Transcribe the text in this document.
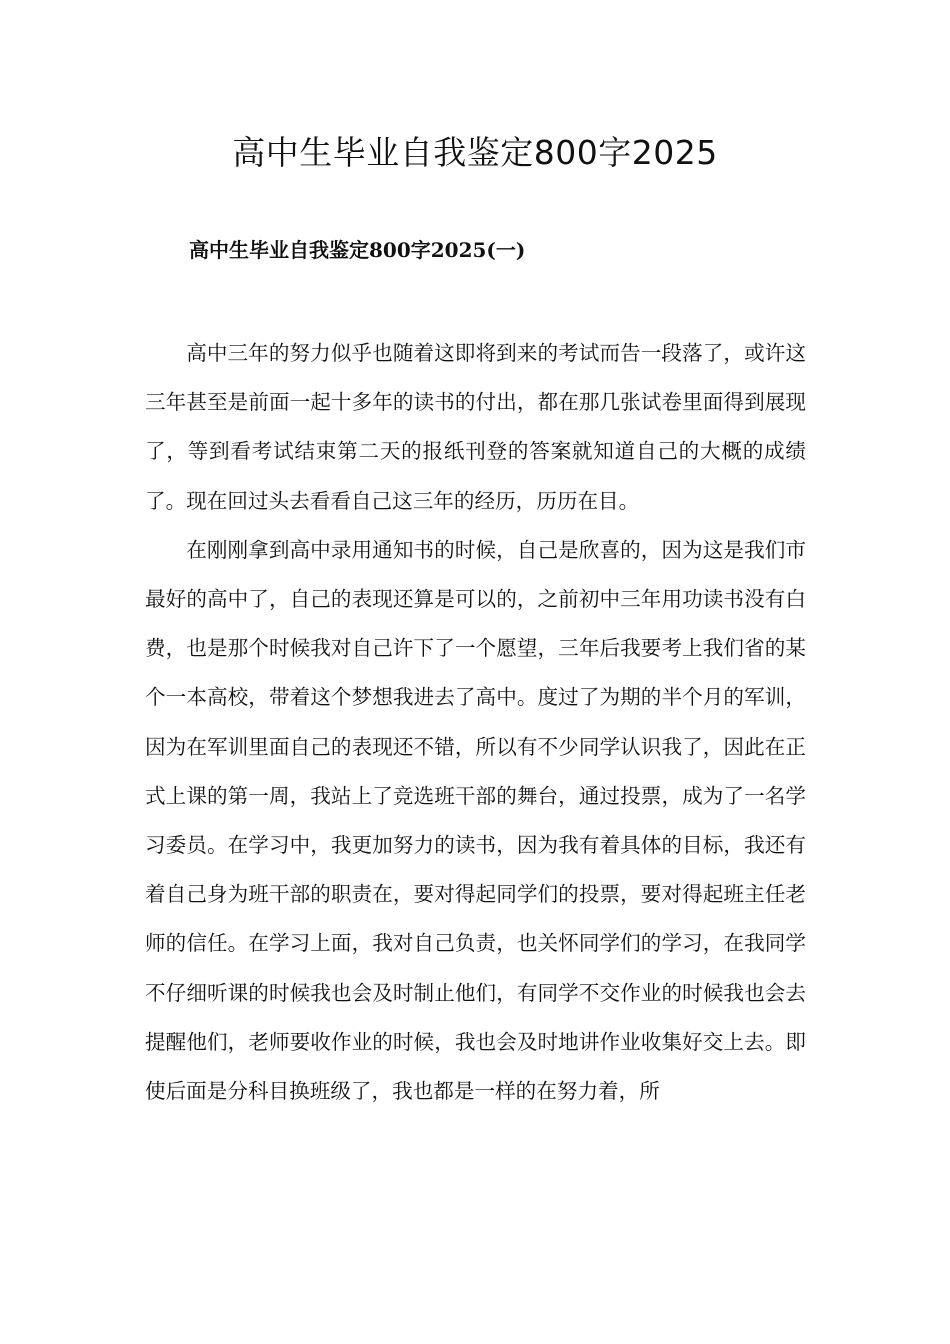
高中生毕业自我鉴定800字2025
高中生毕业自我鉴定800字2025(一)

高中三年的努力似乎也随着这即将到来的考试而告一段落了，或许这三年甚至是前面一起十多年的读书的付出，都在那几张试卷里面得到展现了，等到看考试结束第二天的报纸刊登的答案就知道自己的大概的成绩了。现在回过头去看看自己这三年的经历，历历在目。

在刚刚拿到高中录用通知书的时候，自己是欣喜的，因为这是我们市最好的高中了，自己的表现还算是可以的，之前初中三年用功读书没有白费，也是那个时候我对自己许下了一个愿望，三年后我要考上我们省的某个一本高校，带着这个梦想我进去了高中。度过了为期的半个月的军训，因为在军训里面自己的表现还不错，所以有不少同学认识我了，因此在正式上课的第一周，我站上了竞选班干部的舞台，通过投票，成为了一名学习委员。在学习中，我更加努力的读书，因为我有着具体的目标，我还有着自己身为班干部的职责在，要对得起同学们的投票，要对得起班主任老师的信任。在学习上面，我对自己负责，也关怀同学们的学习，在我同学不仔细听课的时候我也会及时制止他们，有同学不交作业的时候我也会去提醒他们，老师要收作业的时候，我也会及时地讲作业收集好交上去。即使后面是分科目换班级了，我也都是一样的在努力着，所
